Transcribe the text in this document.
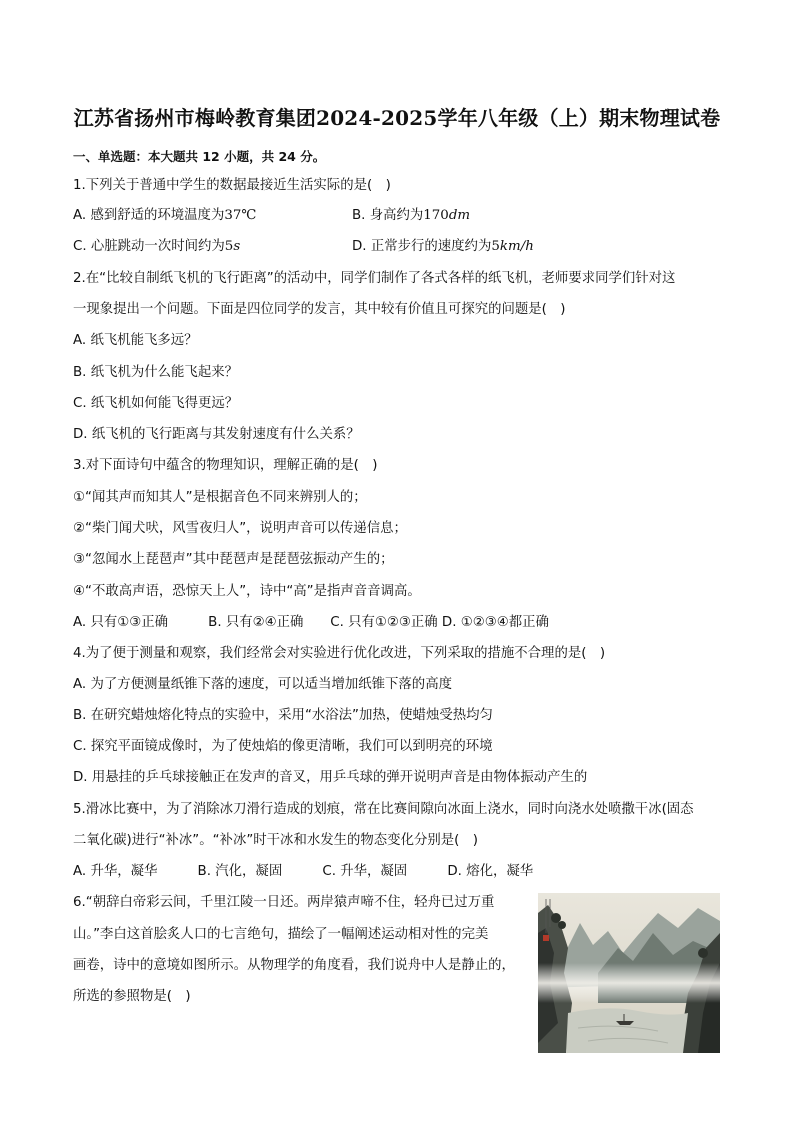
江苏省扬州市梅岭教育集团2024-2025学年八年级（上）期末物理试卷
一、单选题：本大题共 12 小题，共 24 分。
1.下列关于普通中学生的数据最接近生活实际的是(　)
A. 感到舒适的环境温度为37℃	B. 身高约为170dm
C. 心脏跳动一次时间约为5s	D. 正常步行的速度约为5km/h
2.在“比较自制纸飞机的飞行距离”的活动中，同学们制作了各式各样的纸飞机，老师要求同学们针对这
一现象提出一个问题。下面是四位同学的发言，其中较有价值且可探究的问题是(　)
A. 纸飞机能飞多远？
B. 纸飞机为什么能飞起来？
C. 纸飞机如何能飞得更远？
D. 纸飞机的飞行距离与其发射速度有什么关系？
3.对下面诗句中蕴含的物理知识，理解正确的是(　)
①“闻其声而知其人”是根据音色不同来辨别人的；
②“柴门闻犬吠，风雪夜归人”，说明声音可以传递信息；
③“忽闻水上琵琶声”其中琵琶声是琵琶弦振动产生的；
④“不敢高声语，恐惊天上人”，诗中“高”是指声音音调高。
A. 只有①③正确　　　B. 只有②④正确　　C. 只有①②③正确 D. ①②③④都正确
4.为了便于测量和观察，我们经常会对实验进行优化改进，下列采取的措施不合理的是(　)
A. 为了方便测量纸锥下落的速度，可以适当增加纸锥下落的高度
B. 在研究蜡烛熔化特点的实验中，采用“水浴法”加热，使蜡烛受热均匀
C. 探究平面镜成像时，为了使烛焰的像更清晰，我们可以到明亮的环境
D. 用悬挂的乒乓球接触正在发声的音叉，用乒乓球的弹开说明声音是由物体振动产生的
5.滑冰比赛中，为了消除冰刀滑行造成的划痕，常在比赛间隙向冰面上浇水，同时向浇水处喷撒干冰(固态
二氧化碳)进行“补冰”。“补冰”时干冰和水发生的物态变化分别是(　)
A. 升华，凝华　　　B. 汽化，凝固　　　C. 升华，凝固　　　D. 熔化，凝华
6.“朝辞白帝彩云间，千里江陵一日还。两岸猿声啼不住，轻舟已过万重
山。”李白这首脍炙人口的七言绝句，描绘了一幅阐述运动相对性的完美
画卷，诗中的意境如图所示。从物理学的角度看，我们说舟中人是静止的，
所选的参照物是(　)
